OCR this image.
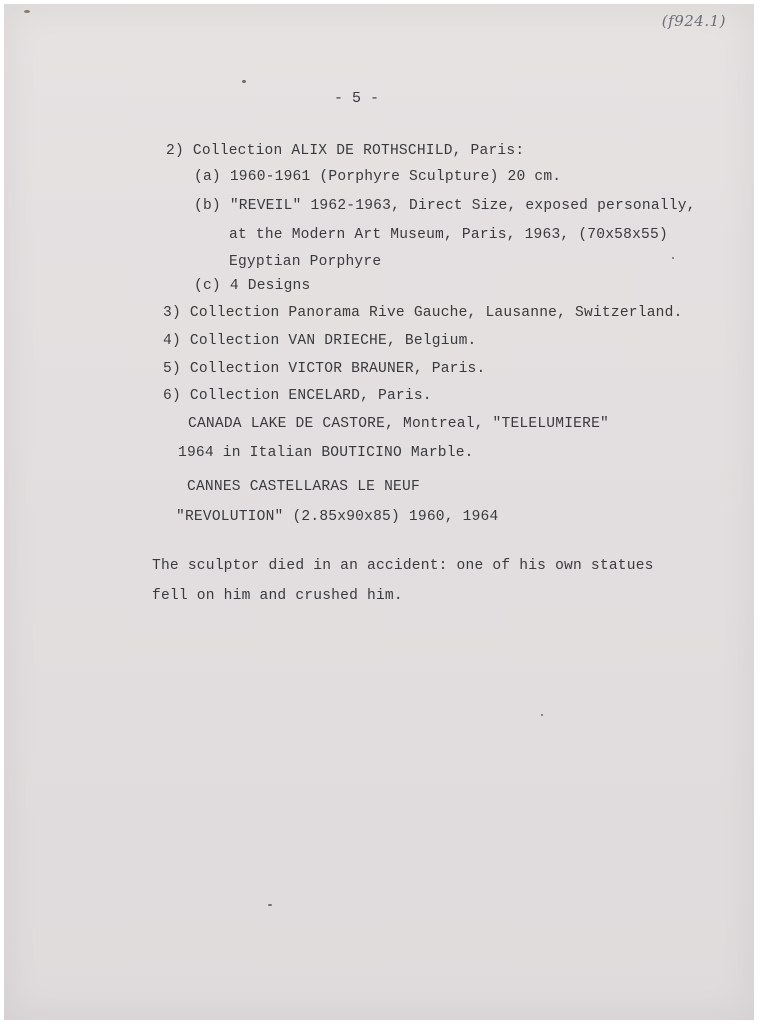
(f924.1)
- 5 -
2) Collection ALIX DE ROTHSCHILD, Paris:
(a) 1960-1961 (Porphyre Sculpture) 20 cm.
(b) "REVEIL" 1962-1963, Direct Size, exposed personally,
at the Modern Art Museum, Paris, 1963, (70x58x55)
Egyptian Porphyre
(c) 4 Designs
3) Collection Panorama Rive Gauche, Lausanne, Switzerland.
4) Collection VAN DRIECHE, Belgium.
5) Collection VICTOR BRAUNER, Paris.
6) Collection ENCELARD, Paris.
CANADA LAKE DE CASTORE, Montreal, "TELELUMIERE"
1964 in Italian BOUTICINO Marble.
CANNES CASTELLARAS LE NEUF
"REVOLUTION" (2.85x90x85) 1960, 1964
The sculptor died in an accident: one of his own statues
fell on him and crushed him.
